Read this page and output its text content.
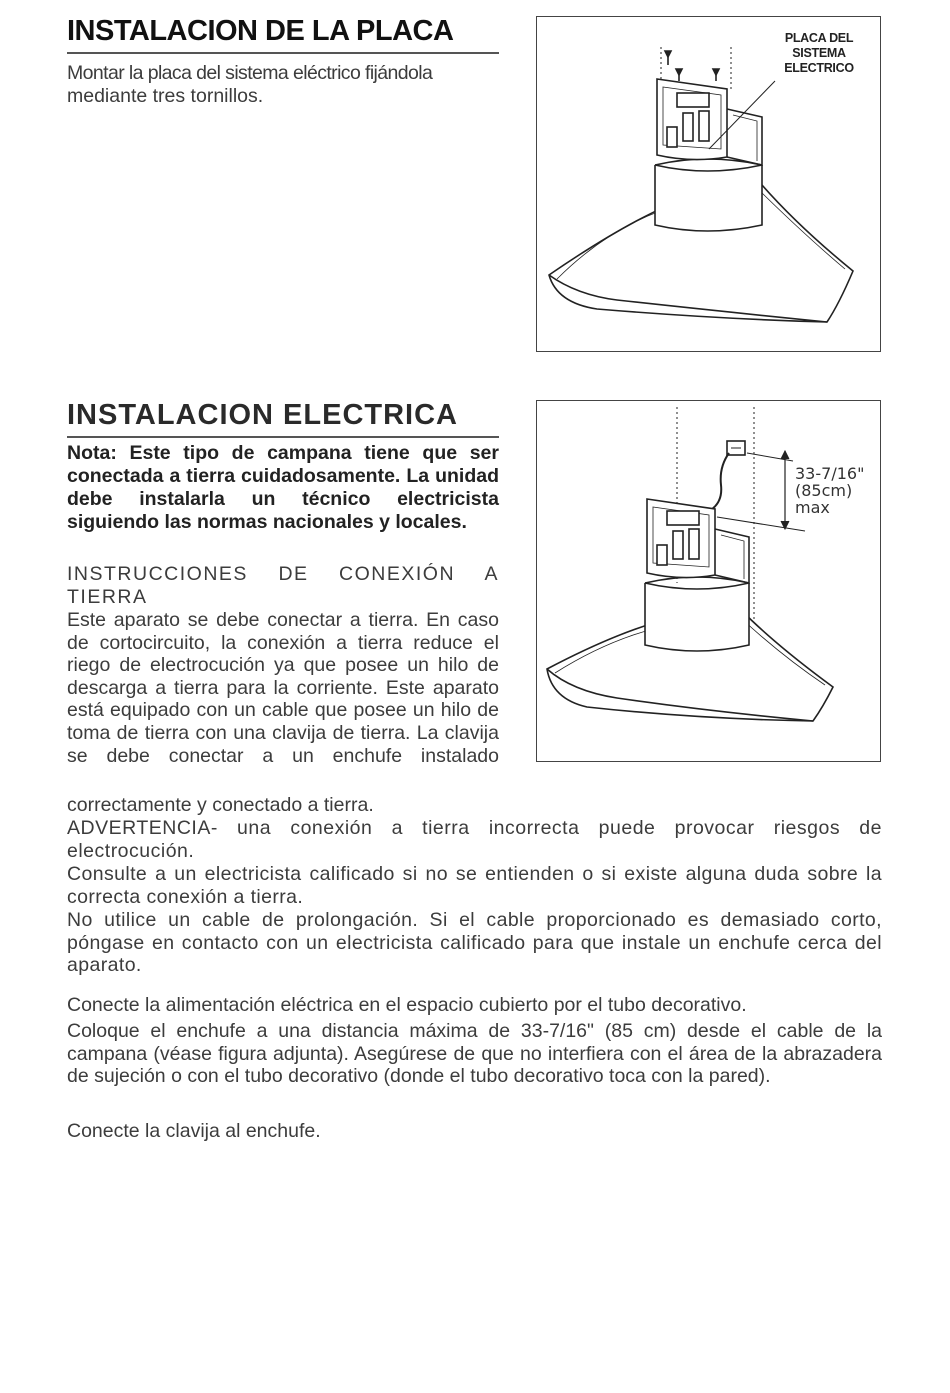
INSTALACION DE LA PLACA
Montar la placa del sistema eléctrico fijándola
mediante tres tornillos.
PLACA DEL
SISTEMA
ELECTRICO
INSTALACION ELECTRICA
Nota: Este tipo de campana tiene que ser conectada a tierra cuidadosamente. La unidad debe instalarla un técnico electricista siguiendo las normas nacionales y locales.
INSTRUCCIONES DE CONEXIÓN A TIERRA
Este aparato se debe conectar a tierra. En caso de cortocircuito, la conexión a tierra reduce el riego de electrocución ya que posee un hilo de descarga a tierra para la corriente. Este aparato está equipado con un cable que posee un hilo de toma de tierra con una clavija de tierra. La clavija se debe conectar a un enchufe instalado
correctamente y conectado a tierra.
ADVERTENCIA- una conexión a tierra incorrecta puede provocar riesgos de electrocución.
Consulte a un electricista calificado si no se entienden o si existe alguna duda sobre la correcta conexión a tierra.
No utilice un cable de prolongación. Si el cable proporcionado es demasiado corto, póngase en contacto con un electricista calificado para que instale un enchufe cerca del aparato.
Conecte la alimentación eléctrica en el espacio cubierto por el tubo decorativo.
Coloque el enchufe a una distancia máxima de 33-7/16" (85 cm) desde el cable de la campana (véase figura adjunta). Asegúrese de que no interfiera con el área de la abrazadera de sujeción o con el tubo decorativo (donde el tubo decorativo toca con la pared).
Conecte la clavija al enchufe.
33-7/16"
(85cm)
max
